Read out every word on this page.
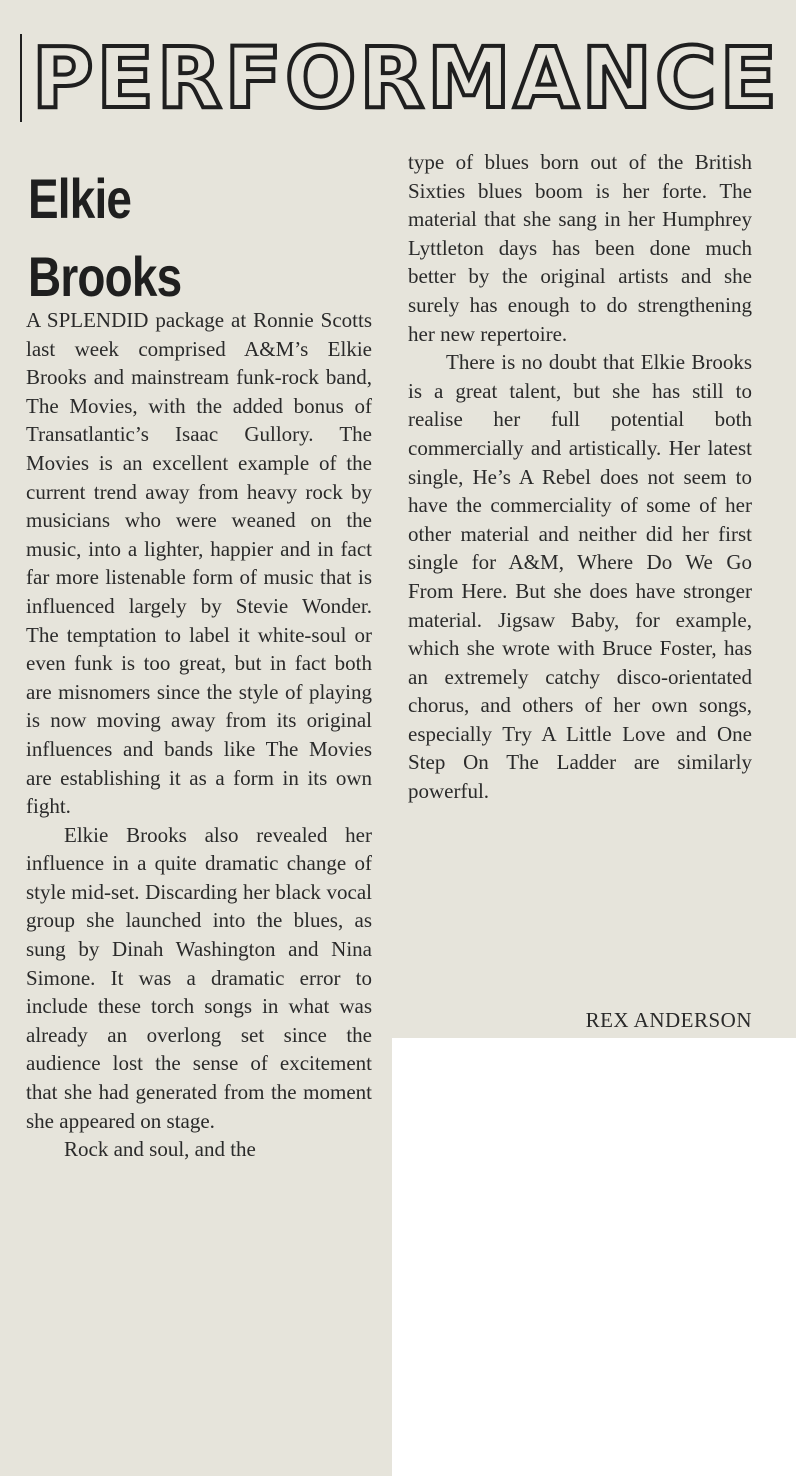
PERFORMANCE
Elkie
Brooks

A SPLENDID package at Ronnie Scotts last week comprised A&M’s Elkie Brooks and mainstream funk-rock band, The Movies, with the added bonus of Transatlantic’s Isaac Gullory. The Movies is an excellent example of the current trend away from heavy rock by musicians who were weaned on the music, into a lighter, happier and in fact far more listenable form of music that is influenced largely by Stevie Wonder. The temptation to label it white-soul or even funk is too great, but in fact both are misnomers since the style of playing is now moving away from its original influences and bands like The Movies are establishing it as a form in its own fight.

Elkie Brooks also revealed her influence in a quite dramatic change of style mid-set. Discarding her black vocal group she launched into the blues, as sung by Dinah Washington and Nina Simone. It was a dramatic error to include these torch songs in what was already an overlong set since the audience lost the sense of excitement that she had generated from the moment she appeared on stage.

Rock and soul, and the

type of blues born out of the British Sixties blues boom is her forte. The material that she sang in her Humphrey Lyttleton days has been done much better by the original artists and she surely has enough to do strengthening her new repertoire.

There is no doubt that Elkie Brooks is a great talent, but she has still to realise her full potential both commercially and artistically. Her latest single, He’s A Rebel does not seem to have the commerciality of some of her other material and neither did her first single for A&M, Where Do We Go From Here. But she does have stronger material. Jigsaw Baby, for example, which she wrote with Bruce Foster, has an extremely catchy disco-orientated chorus, and others of her own songs, especially Try A Little Love and One Step On The Ladder are similarly powerful.

REX ANDERSON
